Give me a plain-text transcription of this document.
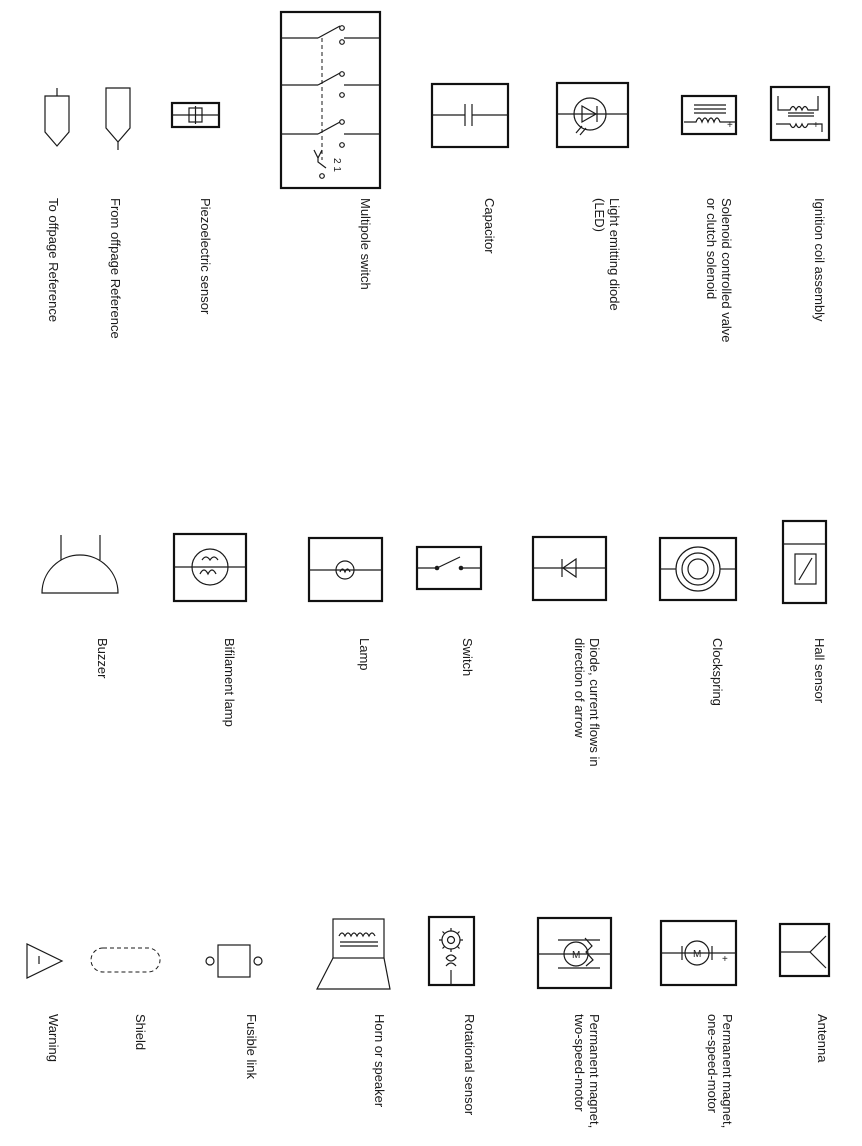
2 1
+	+
M	M +
To offpage Reference	From offpage Reference	Piezoelectric sensor	Multipole switch	Capacitor	Light emitting diode
(LED)	Solenoid controlled valve
or clutch solenoid	Ignition coil assembly
Buzzer	Bifilament lamp	Lamp	Switch	Diode, current flows in
direction of arrow
Clockspring	Hall sensor
Warning	Shield	Fusible link	Horn or speaker	Rotational sensor	Permanent magnet,
two-speed-motor	Permanent magnet,
one-speed-motor	Antenna
